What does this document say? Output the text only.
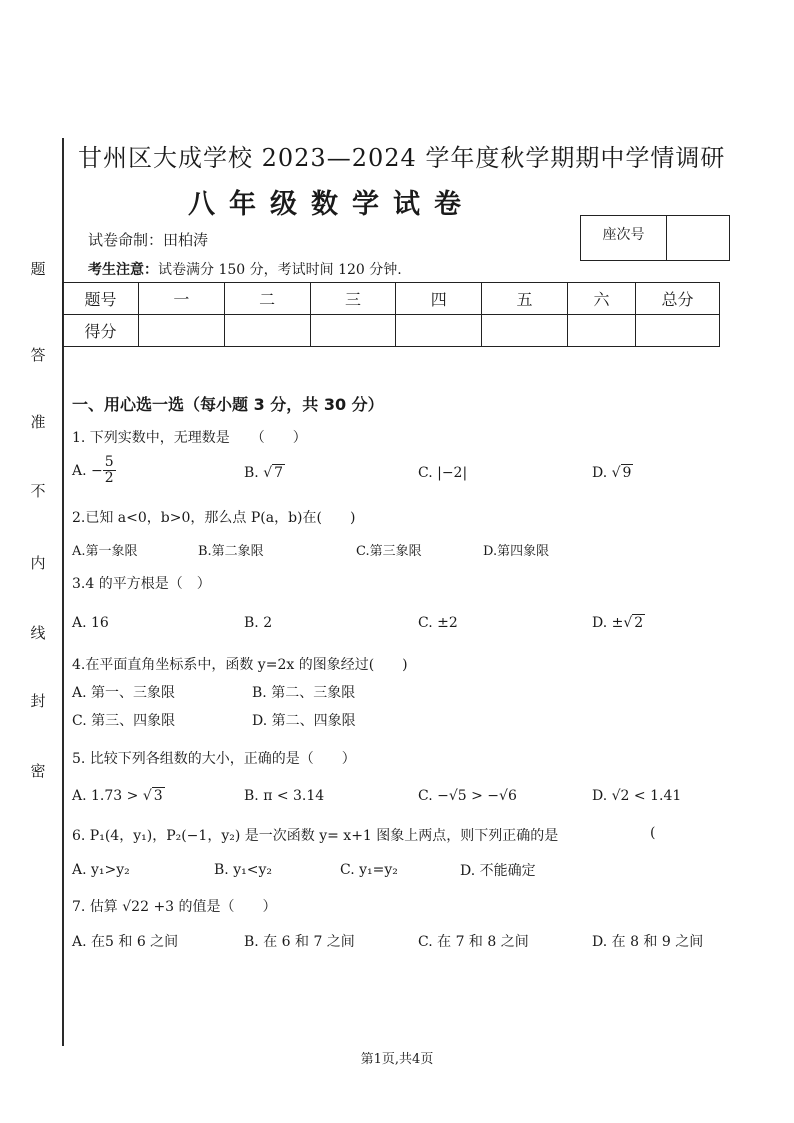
题
答
准
不
内
线
封
密
甘州区大成学校 2023—2024 学年度秋学期期中学情调研
八年级数学试卷
试卷命制：田柏涛
考生注意：试卷满分 150 分，考试时间 120 分钟.
座次号
题号	一	二	三	四	五	六	总分
得分							
一、用心选一选（每小题 3 分，共 30 分）
1. 下列实数中，无理数是　　（　　）
A. − $\frac{5}{2}$	B. √ 7	C. |−2|	D. √ 9
2.已知 a<0，b>0，那么点 P(a，b)在(　　)
A.第一象限	B.第二象限	C.第三象限	D.第四象限
3.4 的平方根是（　）
A. 16	B. 2	C. ±2	D. ±√ 2
4.在平面直角坐标系中，函数 y=2x 的图象经过(　　)
A. 第一、三象限	B. 第二、三象限
C. 第三、四象限	D. 第二、四象限
5. 比较下列各组数的大小，正确的是（　　）
A. 1.73 > √ 3	B. π < 3.14	C. −√5 > −√6	D. √2 < 1.41
6. P₁(4，y₁)，P₂(−1，y₂) 是一次函数 y= x+1 图象上两点，则下列正确的是	(
A. y₁>y₂	B. y₁<y₂	C. y₁=y₂	D. 不能确定
7. 估算 √22 +3 的值是（　　）
A. 在5 和 6 之间	B. 在 6 和 7 之间	C. 在 7 和 8 之间	D. 在 8 和 9 之间
第1页,共4页
